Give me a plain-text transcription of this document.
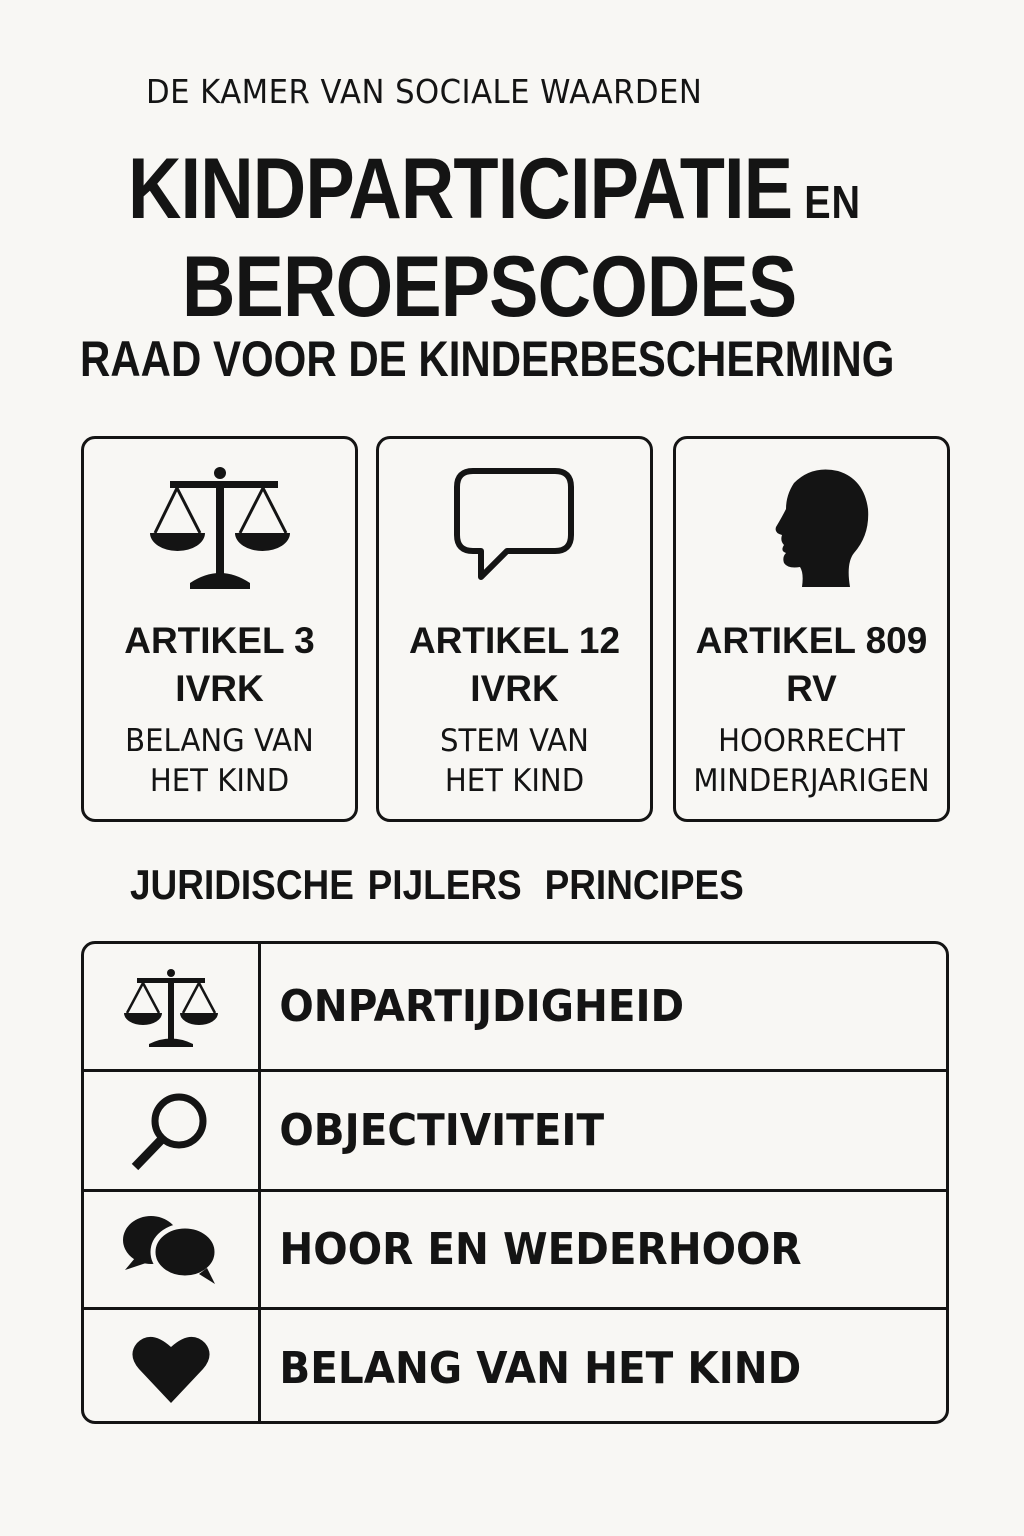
DE KAMER VAN SOCIALE WAARDEN
KINDPARTICIPATIE EN
BEROEPSCODES
RAAD VOOR DE KINDERBESCHERMING
ARTIKEL 3
IVRK
BELANG VAN
HET KIND
ARTIKEL 12
IVRK
STEM VAN
HET KIND
ARTIKEL 809
RV
HOORRECHT
MINDERJARIGEN
JURIDISCHE PIJLERS PRINCIPES
ONPARTIJDIGHEID
OBJECTIVITEIT
HOOR EN WEDERHOOR
BELANG VAN HET KIND
